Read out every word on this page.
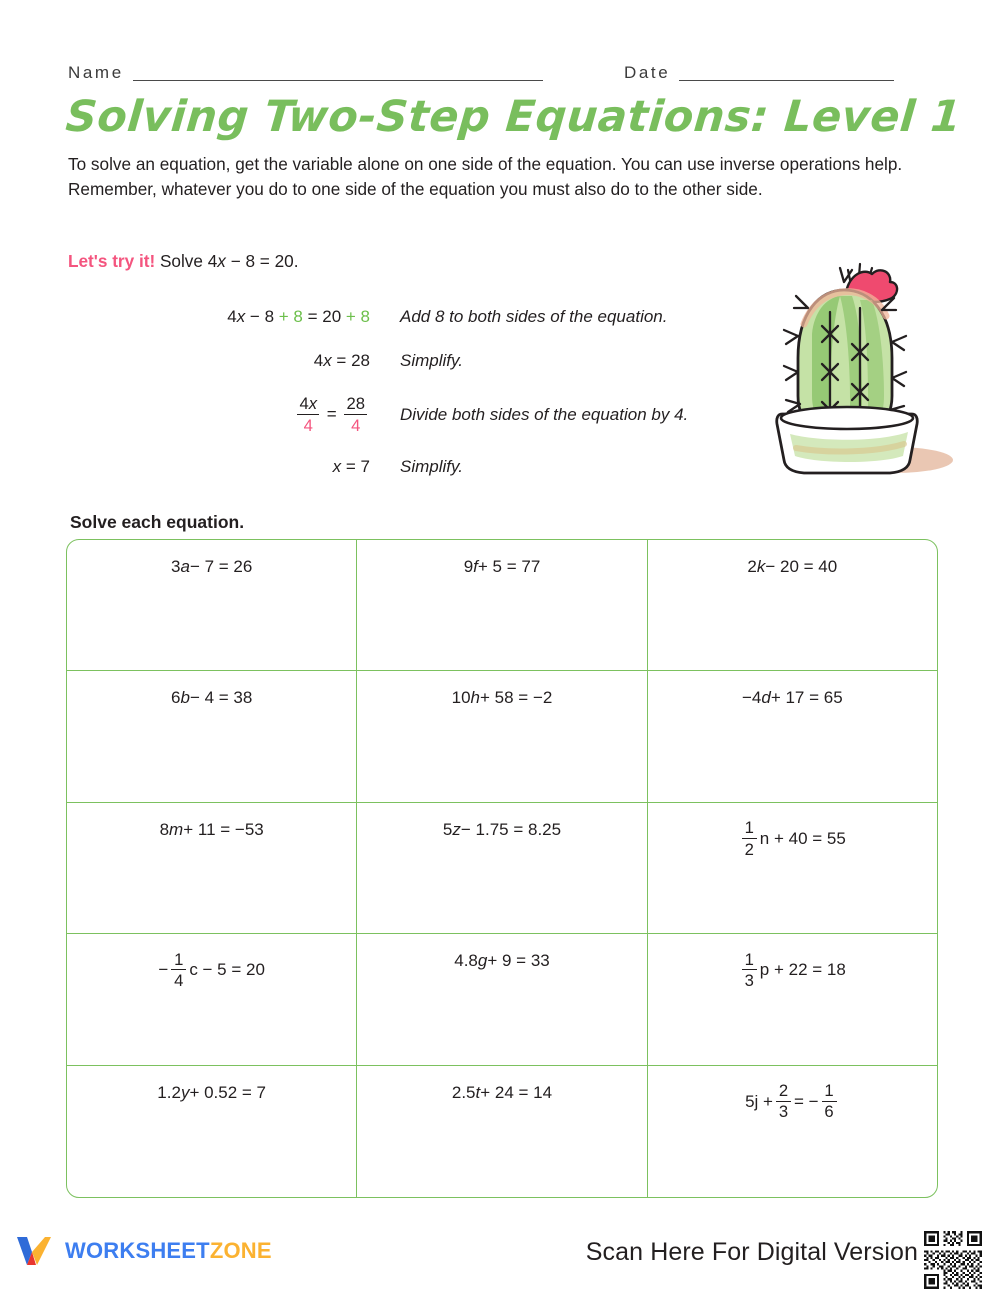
Name	Date
Solving Two-Step Equations: Level 1
To solve an equation, get the variable alone on one side of the equation. You can use inverse operations help. Remember, whatever you do to one side of the equation you must also do to the other side.
Let's try it! Solve 4x − 8 = 20.
4x − 8 + 8 = 20 + 8 Add 8 to both sides of the equation.
4x = 28 Simplify.
$\frac{4x}{4} = \frac{28}{4}$ Divide both sides of the equation by 4.
x = 7 Simplify.
Solve each equation.
3 a − 7 = 26	9 f + 5 = 77	2 k − 20 = 40
6 b − 4 = 38	10 h + 58 = −2	−4 d + 17 = 65
8 m + 11 = −53	5 z − 1.75 = 8.25	$\frac{1}{2}$ n + 40 = 55
− $\frac{1}{4}$ c − 5 = 20	4.8 g + 9 = 33	$\frac{1}{3}$ p + 22 = 18
1.2 y + 0.52 = 7	2.5 t + 24 = 14	$5j + \frac{2}{3}$ = − $\frac{1}{6}$
WORKSHEETZONE	Scan Here For Digital Version
